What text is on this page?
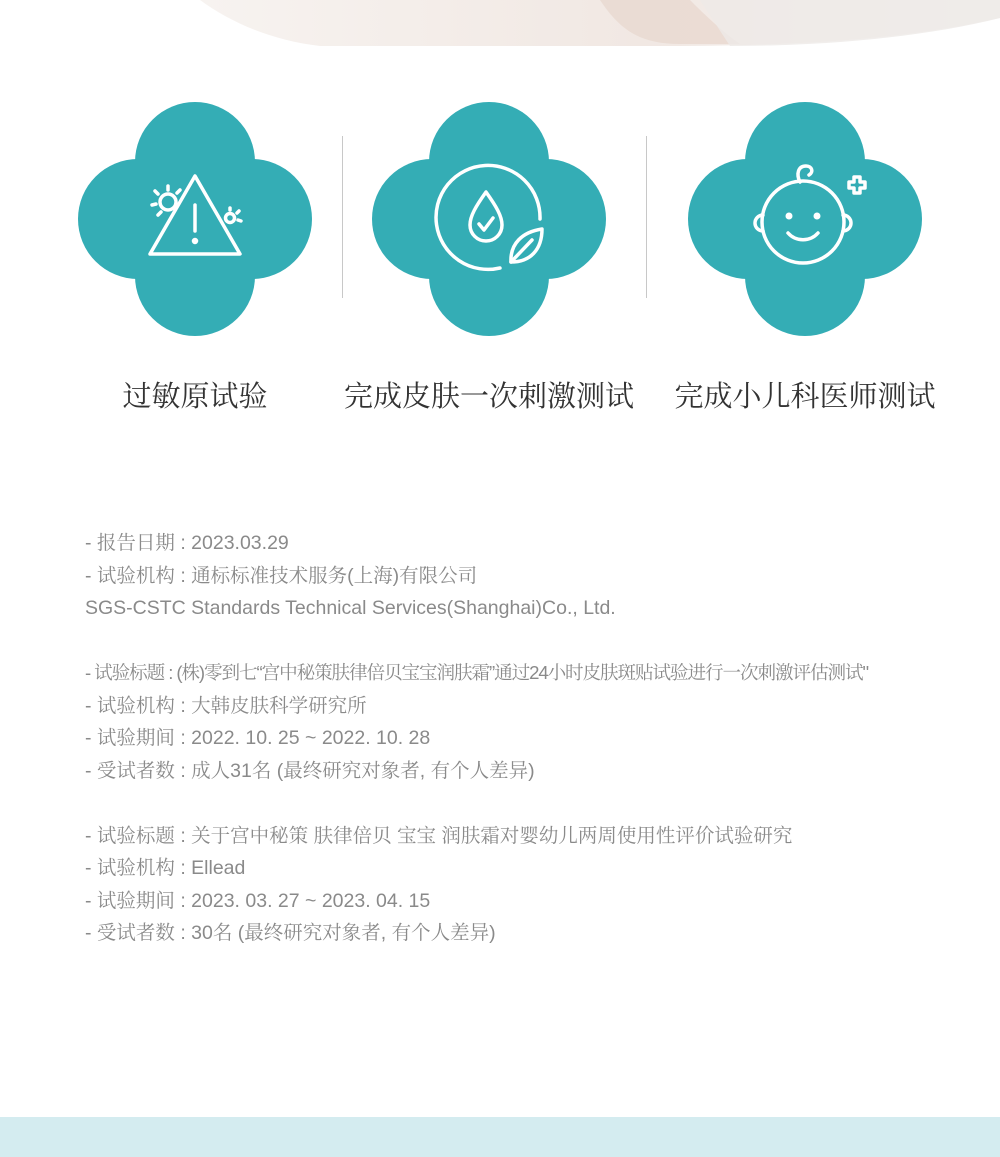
过敏原试验	完成皮肤一次刺激测试	完成小儿科医师测试
- 报告日期 : 2023.03.29
- 试验机构 : 通标标准技术服务(上海)有限公司
SGS-CSTC Standards Technical Services(Shanghai)Co., Ltd.
- 试验标题 : (株)零到七“宫中秘策肤律倍贝宝宝润肤霜”通过24小时皮肤斑贴试验进行一次刺激评估测试"
- 试验机构 : 大韩皮肤科学研究所
- 试验期间 : 2022. 10. 25 ~ 2022. 10. 28
- 受试者数 : 成人31名 (最终研究对象者, 有个人差异)
- 试验标题 : 关于宫中秘策 肤律倍贝 宝宝 润肤霜对婴幼儿两周使用性评价试验研究
- 试验机构 : Ellead
- 试验期间 : 2023. 03. 27 ~ 2023. 04. 15
- 受试者数 : 30名 (最终研究对象者, 有个人差异)
